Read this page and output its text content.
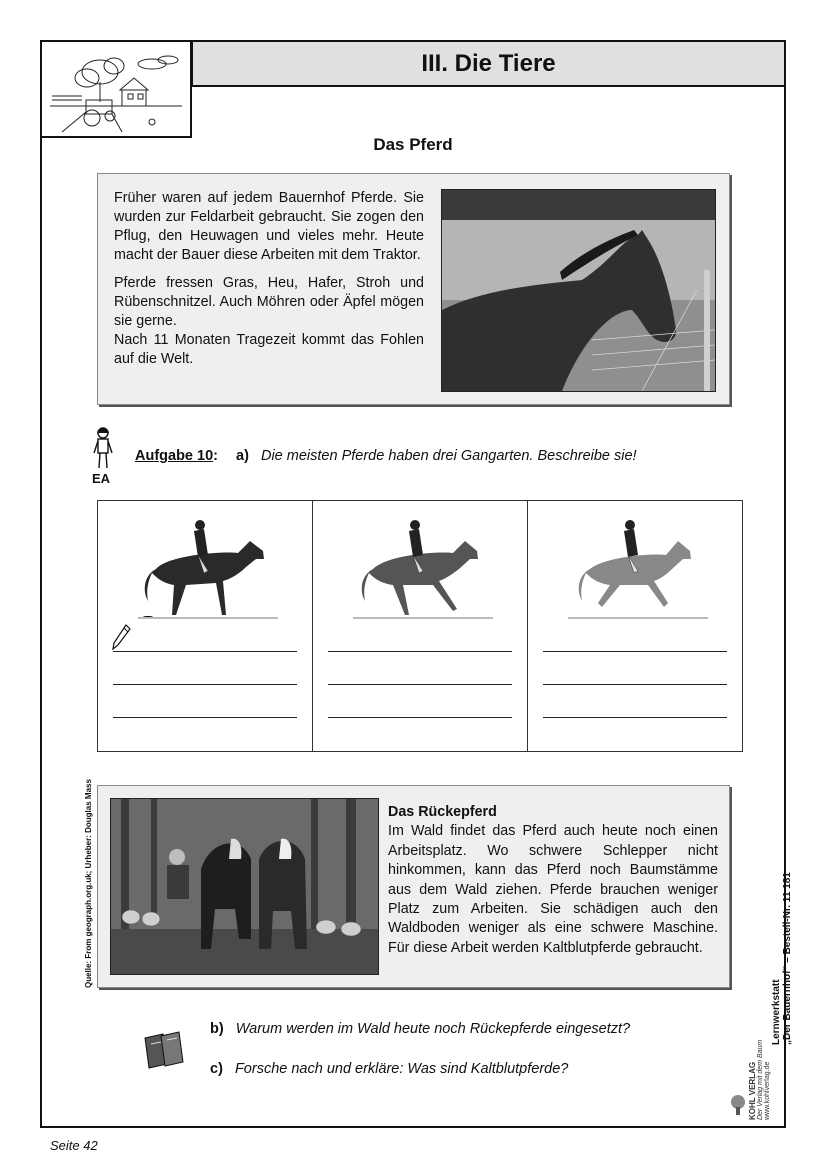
III. Die Tiere
Das Pferd

Früher waren auf jedem Bauernhof Pferde. Sie wurden zur Feldarbeit gebraucht. Sie zogen den Pflug, den Heuwagen und vieles mehr. Heute macht der Bauer diese Arbeiten mit dem Traktor.

Pferde fressen Gras, Heu, Hafer, Stroh und Rübenschnitzel. Auch Möhren oder Äpfel mögen sie gerne.

Nach 11 Monaten Tragezeit kommt das Fohlen auf die Welt.

EA
Aufgabe 10: a) Die meisten Pferde haben drei Gangarten. Beschreibe sie!
Quelle: From geograph.org.uk; Urheber: Douglas Mass	Das Rückepferd
Im Wald findet das Pferd auch heute noch einen Arbeitsplatz. Wo schwere Schlepper nicht hinkommen, kann das Pferd noch Baumstämme aus dem Wald ziehen. Pferde brauchen weniger Platz zum Arbeiten. Sie schädigen auch den Waldboden weniger als eine schwere Maschine. Für diese Arbeit werden Kaltblutpferde gebraucht.
b) Warum werden im Wald heute noch Rückepferde eingesetzt?
c) Forsche nach und erkläre: Was sind Kaltblutpferde?
Lernwerkstatt „Der Bauernhof“ – Bestell-Nr. 11 181
KOHL VERLAG Der Verlag mit dem Baum www.kohlverlag.de
Seite 42
